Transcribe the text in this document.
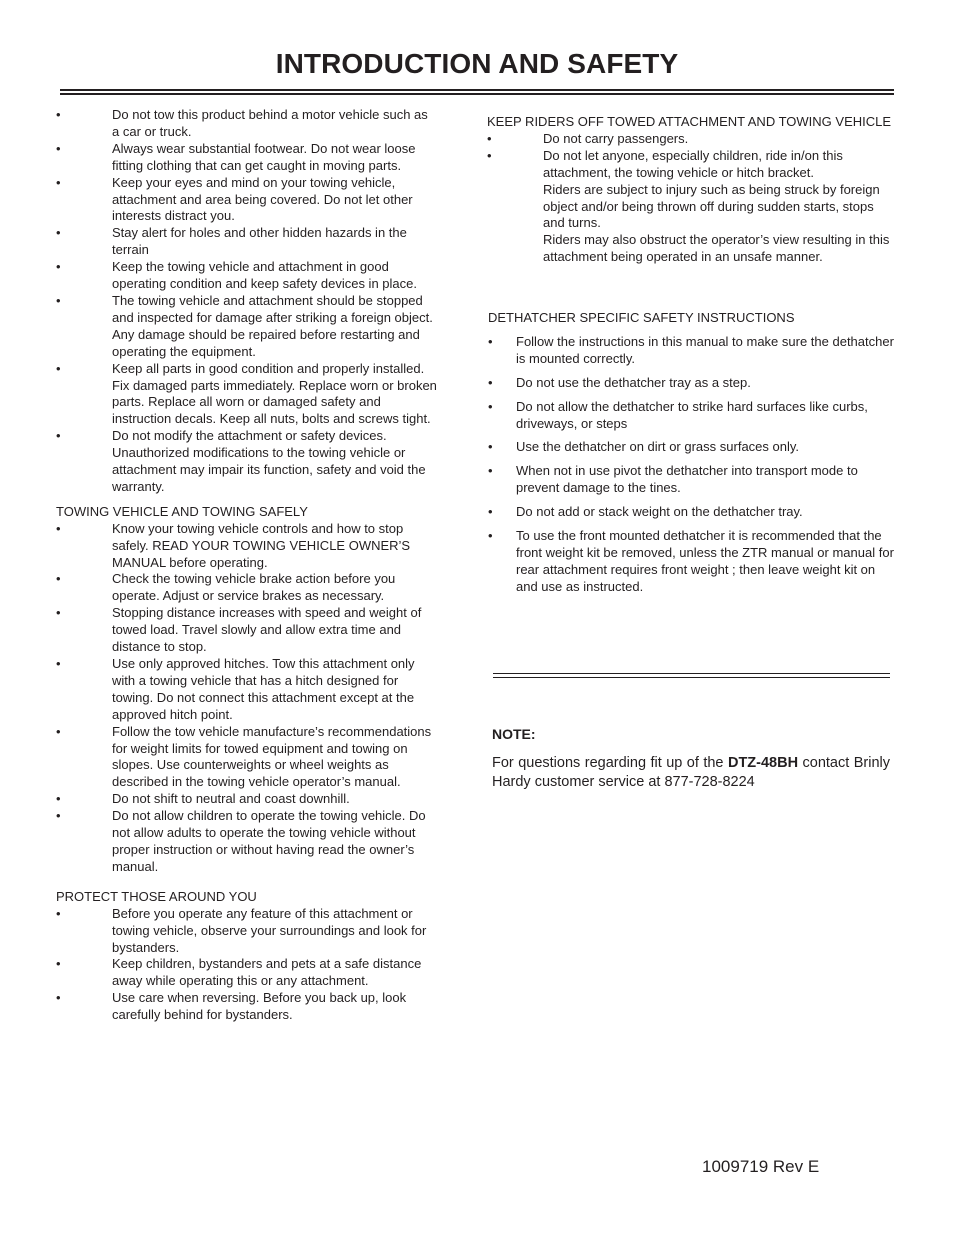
INTRODUCTION AND SAFETY
•	Do not tow this product behind a motor vehicle such as a car or truck.
•	Always wear substantial footwear. Do not wear loose fitting clothing that can get caught in moving parts.
•	Keep your eyes and mind on your towing vehicle, attachment and area being covered. Do not let other interests distract you.
•	Stay alert for holes and other hidden hazards in the terrain
•	Keep the towing vehicle and attachment in good operating condition and keep safety devices in place.
•	The towing vehicle and attachment should be stopped and inspected for damage after striking a foreign object. Any damage should be repaired before restarting and operating the equipment.
•	Keep all parts in good condition and properly installed. Fix damaged parts immediately. Replace worn or broken parts. Replace all worn or damaged safety and instruction decals. Keep all nuts, bolts and screws tight.
•	Do not modify the attachment or safety devices. Unauthorized modifications to the towing vehicle or attachment may impair its function, safety and void the warranty.
TOWING VEHICLE AND TOWING SAFELY
•	Know your towing vehicle controls and how to stop safely. READ YOUR TOWING VEHICLE OWNER’S MANUAL before operating.
•	Check the towing vehicle brake action before you operate. Adjust or service brakes as necessary.
•	Stopping distance increases with speed and weight of towed load. Travel slowly and allow extra time and distance to stop.
•	Use only approved hitches. Tow this attachment only with a towing vehicle that has a hitch designed for towing. Do not connect this attachment except at the approved hitch point.
•	Follow the tow vehicle manufacture’s recommendations for weight limits for towed equipment and towing on slopes. Use counterweights or wheel weights as described in the towing vehicle operator’s manual.
•	Do not shift to neutral and coast downhill.
•	Do not allow children to operate the towing vehicle. Do not allow adults to operate the towing vehicle without proper instruction or without having read the owner’s manual.
PROTECT THOSE AROUND YOU
•	Before you operate any feature of this attachment or towing vehicle, observe your surroundings and look for bystanders.
•	Keep children, bystanders and pets at a safe distance away while operating this or any attachment.
•	Use care when reversing. Before you back up, look carefully behind for bystanders.
KEEP RIDERS OFF TOWED ATTACHMENT AND TOWING VEHICLE
•	Do not carry passengers.
•	Do not let anyone, especially children, ride in/on this attachment, the towing vehicle or hitch bracket.
Riders are subject to injury such as being struck by foreign object and/or being thrown off during sudden starts, stops and turns.
Riders may also obstruct the operator’s view resulting in this attachment being operated in an unsafe manner.
DETHATCHER SPECIFIC SAFETY INSTRUCTIONS
• Follow the instructions in this manual to make sure the dethatcher is mounted correctly.
• Do not use the dethatcher tray as a step.
• Do not allow the dethatcher to strike hard surfaces like curbs, driveways, or steps
• Use the dethatcher on dirt or grass surfaces only.
• When not in use pivot the dethatcher into transport mode to prevent damage to the tines.
• Do not add or stack weight on the dethatcher tray.
• To use the front mounted dethatcher it is recommended that the front weight kit be removed, unless the ZTR manual or manual for rear attachment requires front weight ; then leave weight kit on and use as instructed.
NOTE:
For questions regarding fit up of the DTZ-48BH contact Brinly Hardy customer service at 877-728-8224
1009719 Rev E
